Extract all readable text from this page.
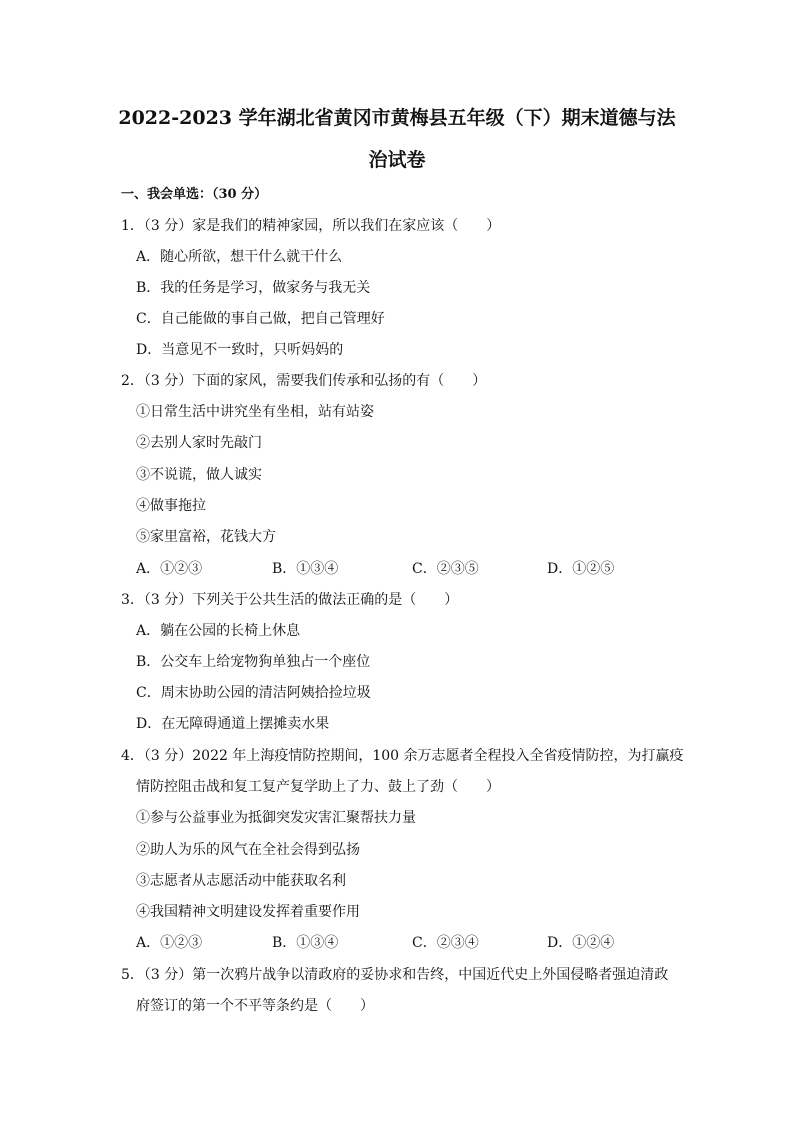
2022-2023 学年湖北省黄冈市黄梅县五年级（下）期末道德与法
治试卷
一、我会单选：（30 分）
1．（3 分）家是我们的精神家园，所以我们在家应该（　　）
A．随心所欲，想干什么就干什么
B．我的任务是学习，做家务与我无关
C．自己能做的事自己做，把自己管理好
D．当意见不一致时，只听妈妈的
2．（3 分）下面的家风，需要我们传承和弘扬的有（　　）
①日常生活中讲究坐有坐相，站有站姿
②去别人家时先敲门
③不说谎，做人诚实
④做事拖拉
⑤家里富裕，花钱大方
A．①②③	B．①③④	C．②③⑤	D．①②⑤
3．（3 分）下列关于公共生活的做法正确的是（　　）
A．躺在公园的长椅上休息
B．公交车上给宠物狗单独占一个座位
C．周末协助公园的清洁阿姨拾捡垃圾
D．在无障碍通道上摆摊卖水果
4．（3 分）2022 年上海疫情防控期间，100 余万志愿者全程投入全省疫情防控，为打赢疫
情防控阻击战和复工复产复学助上了力、鼓上了劲（　　）
①参与公益事业为抵御突发灾害汇聚帮扶力量
②助人为乐的风气在全社会得到弘扬
③志愿者从志愿活动中能获取名利
④我国精神文明建设发挥着重要作用
A．①②③	B．①③④	C．②③④	D．①②④
5．（3 分）第一次鸦片战争以清政府的妥协求和告终，中国近代史上外国侵略者强迫清政
府签订的第一个不平等条约是（　　）
